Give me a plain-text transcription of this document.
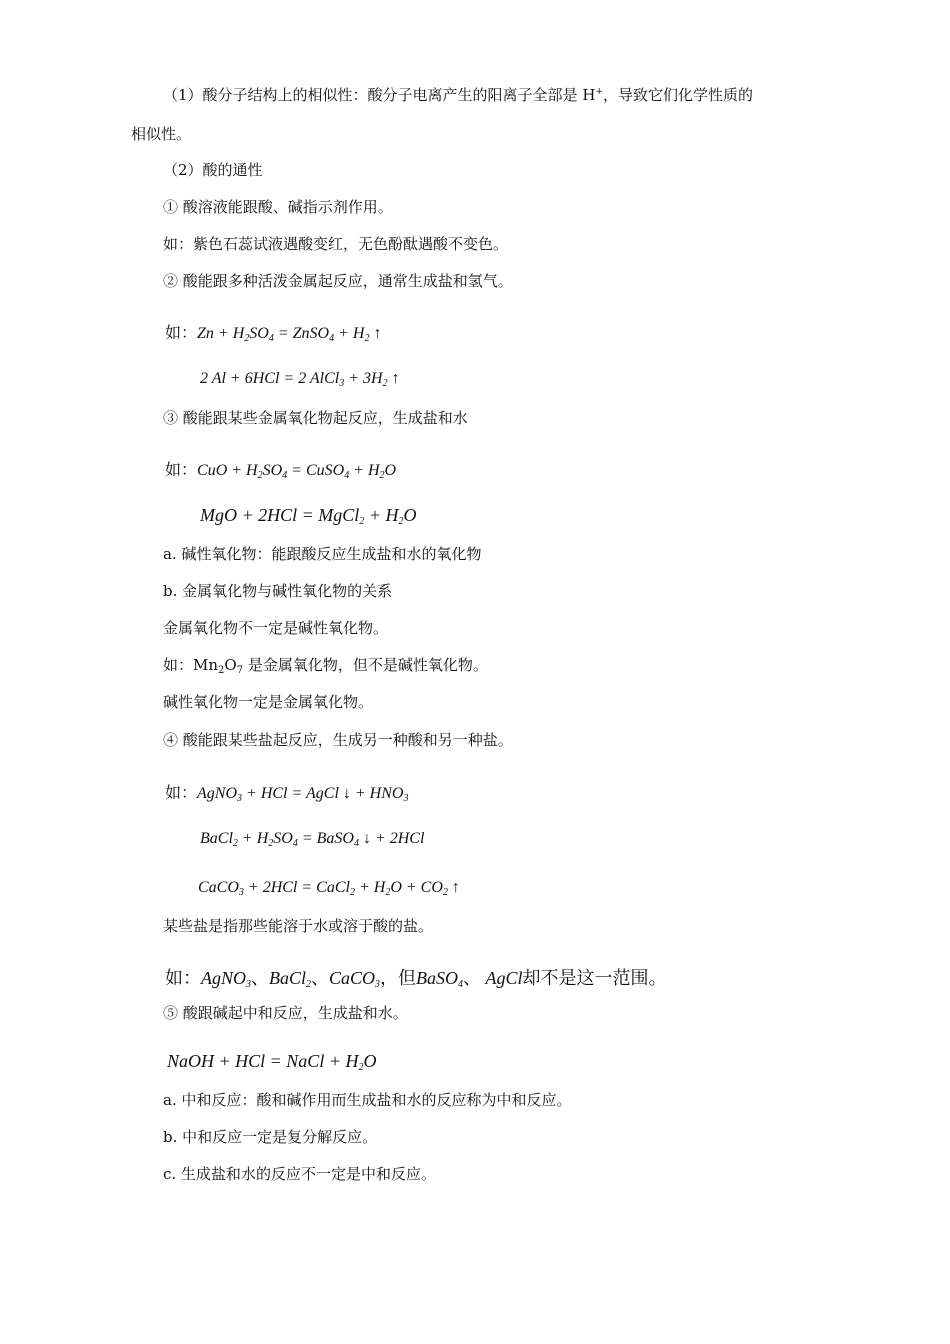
（1）酸分子结构上的相似性：酸分子电离产生的阳离子全部是 H+，导致它们化学性质的
相似性。
（2）酸的通性
① 酸溶液能跟酸、碱指示剂作用。
如：紫色石蕊试液遇酸变红，无色酚酞遇酸不变色。
② 酸能跟多种活泼金属起反应，通常生成盐和氢气。
如：$Zn + H_2SO_4$ = ZnSO$_4$ + $H_2$ ↑
2 Al + 6HCl = 2 AlCl$_3$ + $3H_2$ ↑
③ 酸能跟某些金属氧化物起反应，生成盐和水
如：CuO + $H_2SO_4$ = CuSO$_4$ + $H_2O$
MgO + 2HCl = MgCl$_2$ + $H_2O$
a. 碱性氧化物：能跟酸反应生成盐和水的氧化物
b. 金属氧化物与碱性氧化物的关系
金属氧化物不一定是碱性氧化物。
如：$Mn_2O_7$ 是金属氧化物，但不是碱性氧化物。
碱性氧化物一定是金属氧化物。
④ 酸能跟某些盐起反应，生成另一种酸和另一种盐。
如：AgNO$_3$ + HCl = AgCl ↓ + $HNO_3$
BaCl$_2$ + $H_2SO_4$ = BaSO$_4$ ↓ + 2HCl
CaCO$_3$ + 2HCl = CaCl$_2$ + $H_2O + CO_2$ ↑
某些盐是指那些能溶于水或溶于酸的盐。
如：AgNO$_3$、BaCl$_2$、CaCO$_3$，但BaSO$_4$、 AgCl却不是这一范围。
⑤ 酸跟碱起中和反应，生成盐和水。
NaOH + HCl = NaCl + $H_2O$
a. 中和反应：酸和碱作用而生成盐和水的反应称为中和反应。
b. 中和反应一定是复分解反应。
c. 生成盐和水的反应不一定是中和反应。
